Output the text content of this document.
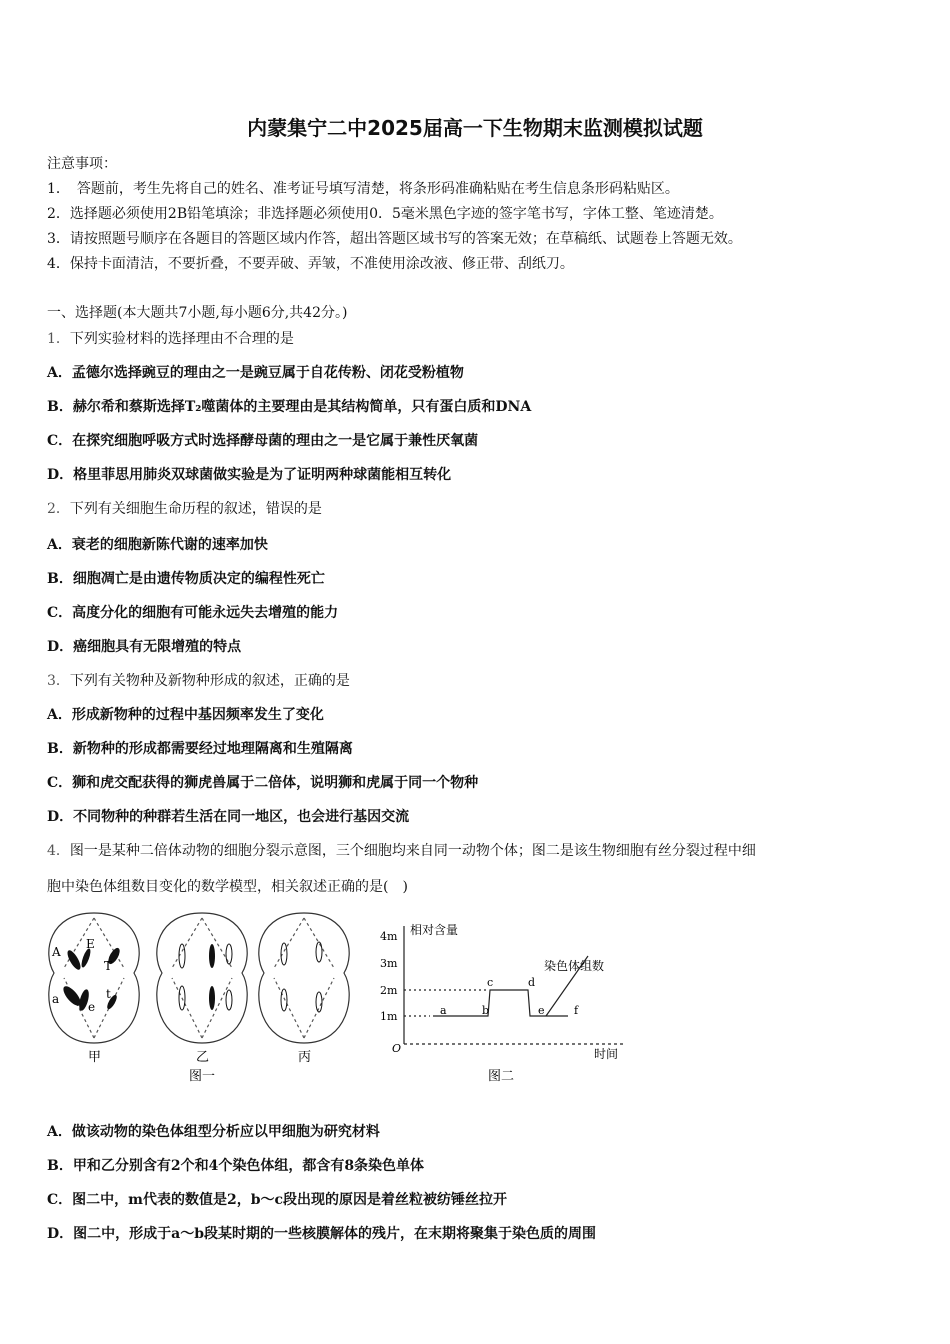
内蒙集宁二中2025届高一下生物期末监测模拟试题
注意事项：
1．　答题前，考生先将自己的姓名、准考证号填写清楚，将条形码准确粘贴在考生信息条形码粘贴区。
2．选择题必须使用2B铅笔填涂；非选择题必须使用0．5毫米黑色字迹的签字笔书写，字体工整、笔迹清楚。
3．请按照题号顺序在各题目的答题区域内作答，超出答题区域书写的答案无效；在草稿纸、试题卷上答题无效。
4．保持卡面清洁，不要折叠，不要弄破、弄皱，不准使用涂改液、修正带、刮纸刀。
一、选择题(本大题共7小题,每小题6分,共42分。)
1．下列实验材料的选择理由不合理的是
A．孟德尔选择豌豆的理由之一是豌豆属于自花传粉、闭花受粉植物
B．赫尔希和蔡斯选择T₂噬菌体的主要理由是其结构简单，只有蛋白质和DNA
C．在探究细胞呼吸方式时选择酵母菌的理由之一是它属于兼性厌氧菌
D．格里菲思用肺炎双球菌做实验是为了证明两种球菌能相互转化
2．下列有关细胞生命历程的叙述，错误的是
A．衰老的细胞新陈代谢的速率加快
B．细胞凋亡是由遗传物质决定的编程性死亡
C．高度分化的细胞有可能永远失去增殖的能力
D．癌细胞具有无限增殖的特点
3．下列有关物种及新物种形成的叙述，正确的是
A．形成新物种的过程中基因频率发生了变化
B．新物种的形成都需要经过地理隔离和生殖隔离
C．狮和虎交配获得的狮虎兽属于二倍体，说明狮和虎属于同一个物种
D．不同物种的种群若生活在同一地区，也会进行基因交流
4．图一是某种二倍体动物的细胞分裂示意图，三个细胞均来自同一动物个体；图二是该生物细胞有丝分裂过程中细
胞中染色体组数目变化的数学模型，相关叙述正确的是(　)
A
E
T
a
e
t
甲	乙	丙
图一
4m
3m
2m
1m
相对含量
O
a	b
c	d
e	f
染色体组数
时间
图二
A．做该动物的染色体组型分析应以甲细胞为研究材料
B．甲和乙分别含有2个和4个染色体组，都含有8条染色单体
C．图二中，m代表的数值是2，b～c段出现的原因是着丝粒被纺锤丝拉开
D．图二中，形成于a～b段某时期的一些核膜解体的残片，在末期将聚集于染色质的周围
